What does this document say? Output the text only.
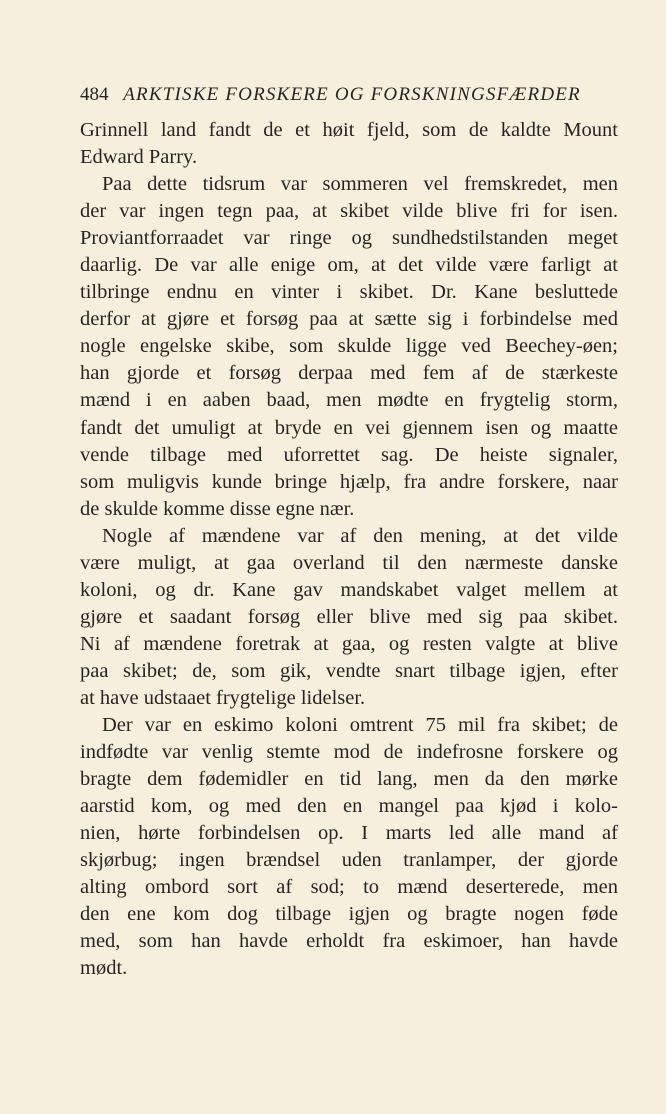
484 ARKTISKE FORSKERE OG FORSKNINGSFÆRDER
Grinnell land fandt de et høit fjeld, som de kaldte Mount
Edward Parry.
Paa dette tidsrum var sommeren vel fremskredet, men
der var ingen tegn paa, at skibet vilde blive fri for isen.
Proviantforraadet var ringe og sundhedstilstanden meget
daarlig. De var alle enige om, at det vilde være farligt at
tilbringe endnu en vinter i skibet. Dr. Kane besluttede
derfor at gjøre et forsøg paa at sætte sig i forbindelse med
nogle engelske skibe, som skulde ligge ved Beechey-øen;
han gjorde et forsøg derpaa med fem af de stærkeste
mænd i en aaben baad, men mødte en frygtelig storm,
fandt det umuligt at bryde en vei gjennem isen og maatte
vende tilbage med uforrettet sag. De heiste signaler,
som muligvis kunde bringe hjælp, fra andre forskere, naar
de skulde komme disse egne nær.
Nogle af mændene var af den mening, at det vilde
være muligt, at gaa overland til den nærmeste danske
koloni, og dr. Kane gav mandskabet valget mellem at
gjøre et saadant forsøg eller blive med sig paa skibet.
Ni af mændene foretrak at gaa, og resten valgte at blive
paa skibet; de, som gik, vendte snart tilbage igjen, efter
at have udstaaet frygtelige lidelser.
Der var en eskimo koloni omtrent 75 mil fra skibet; de
indfødte var venlig stemte mod de indefrosne forskere og
bragte dem fødemidler en tid lang, men da den mørke
aarstid kom, og med den en mangel paa kjød i kolo-
nien, hørte forbindelsen op. I marts led alle mand af
skjørbug; ingen brændsel uden tranlamper, der gjorde
alting ombord sort af sod; to mænd deserterede, men
den ene kom dog tilbage igjen og bragte nogen føde
med, som han havde erholdt fra eskimoer, han havde
mødt.
